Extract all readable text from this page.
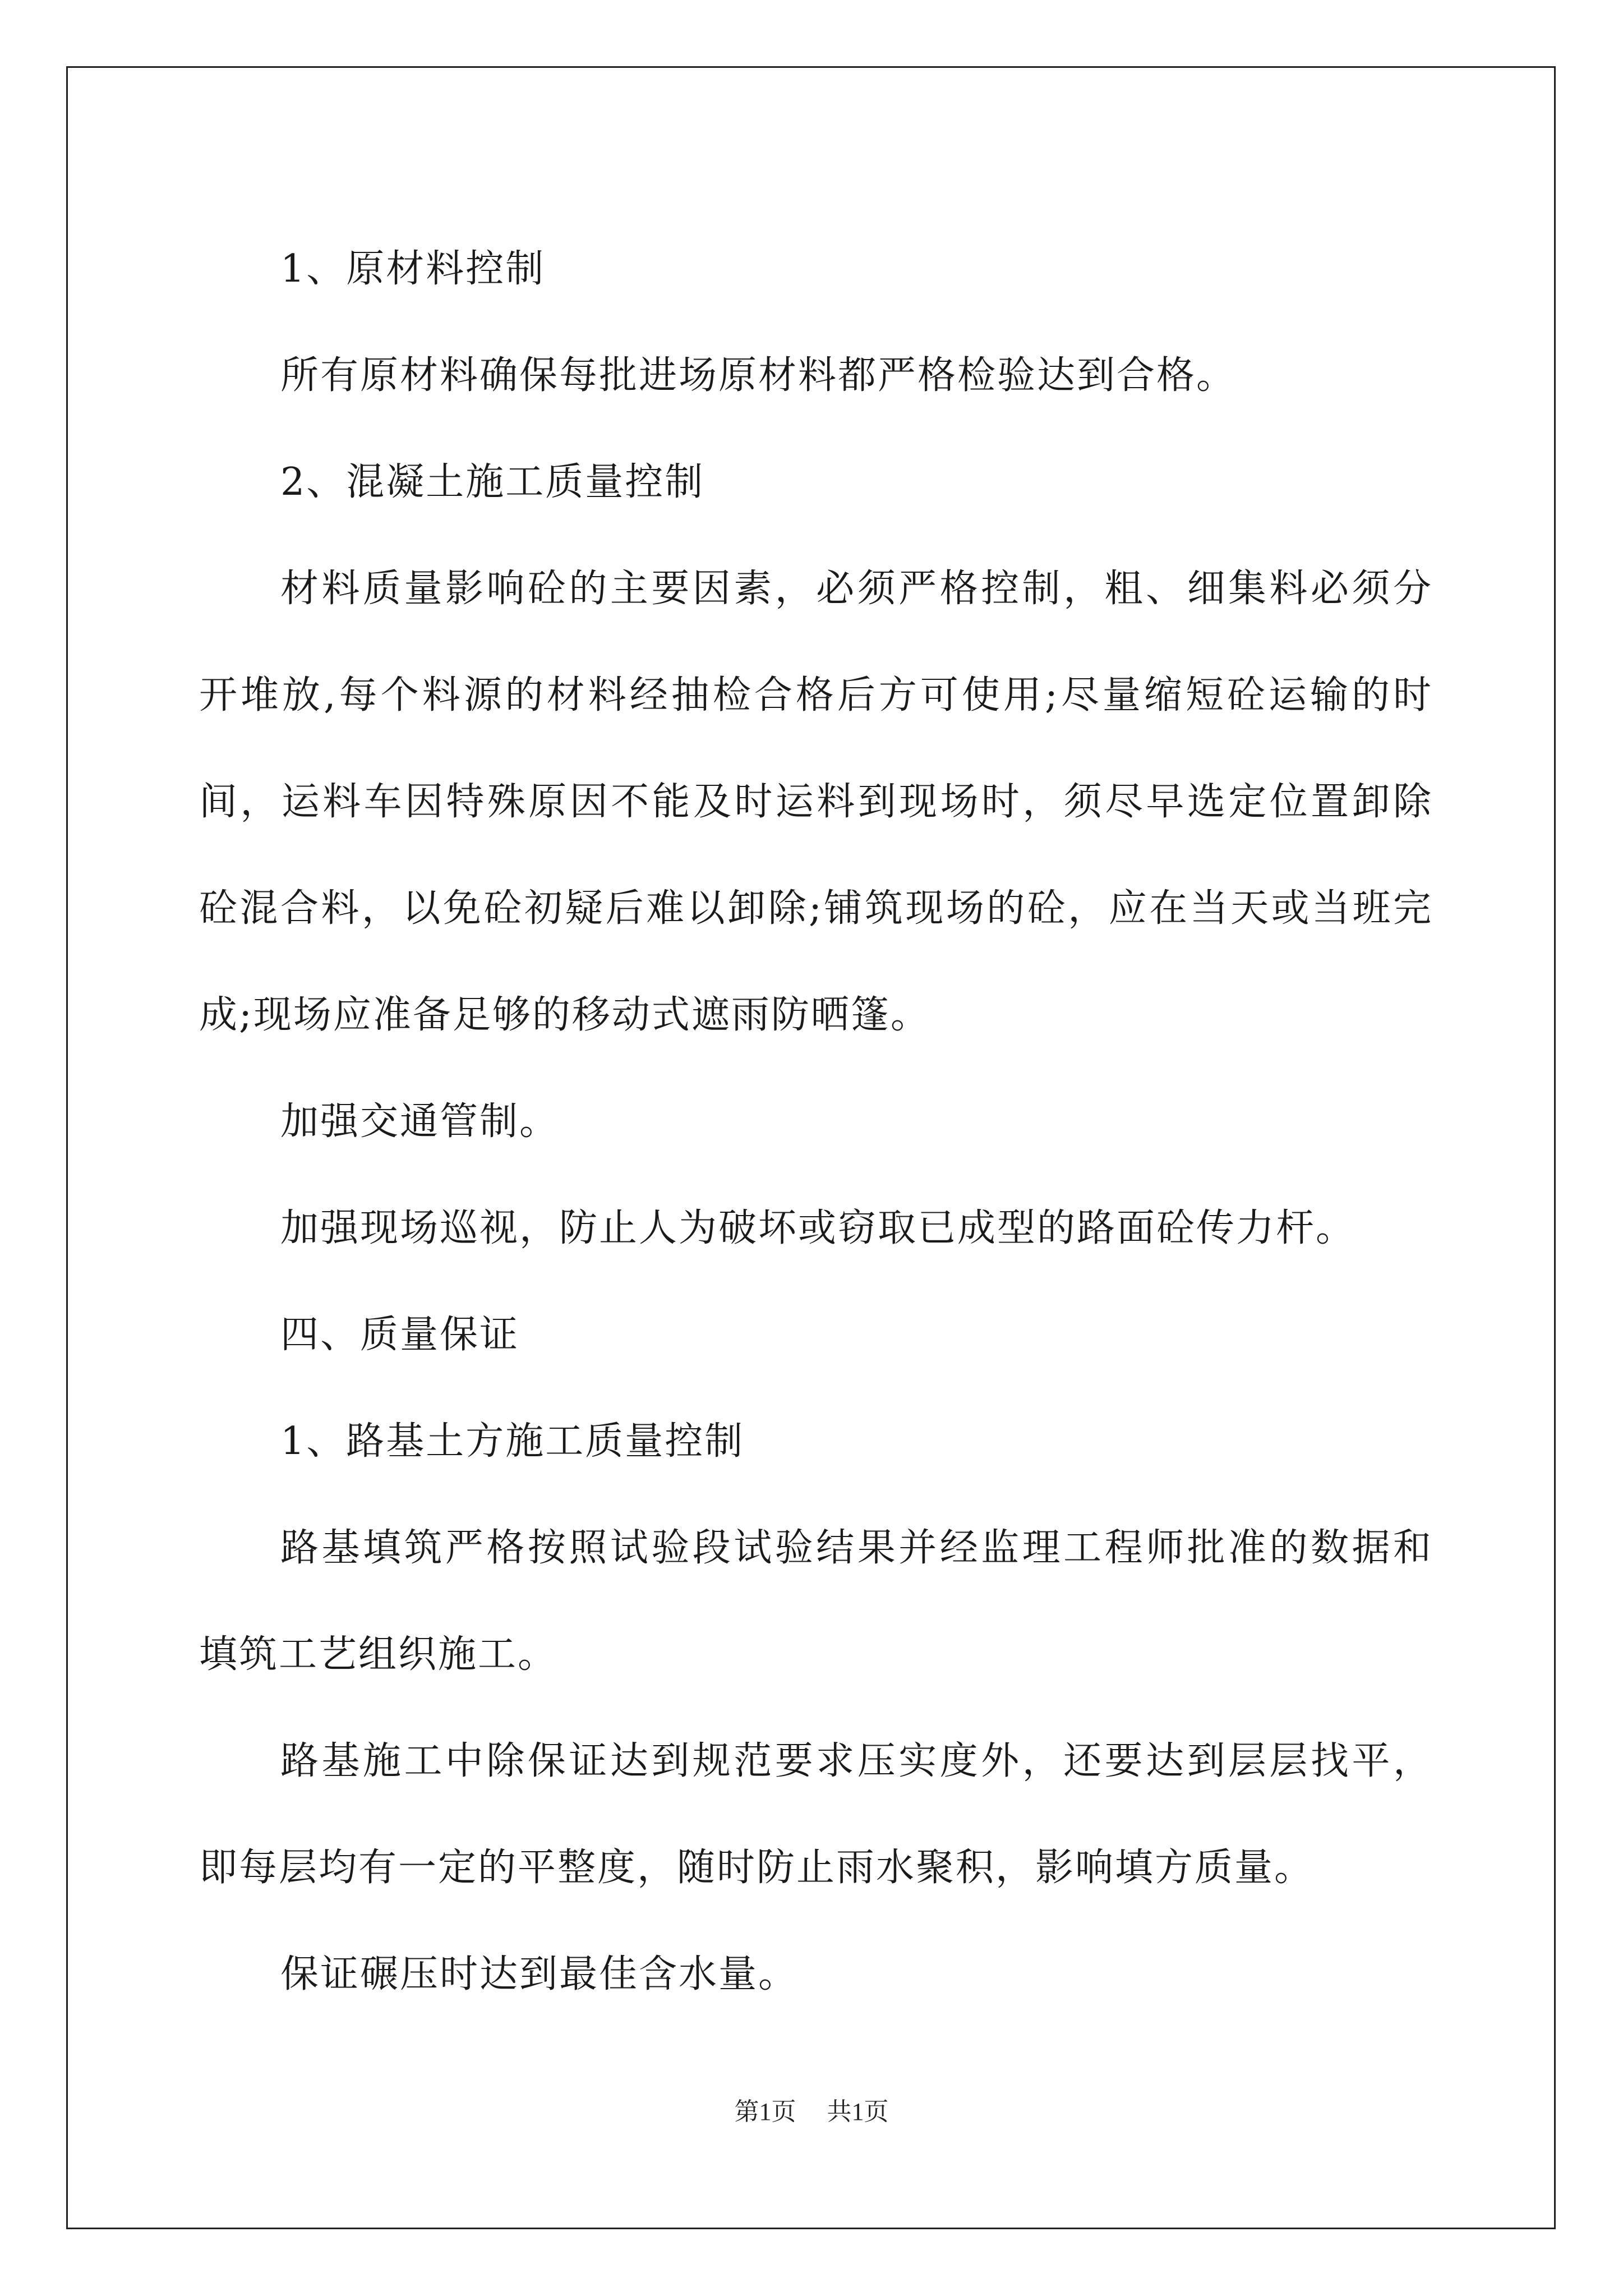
1、原材料控制

所有原材料确保每批进场原材料都严格检验达到合格。

2、混凝土施工质量控制

材料质量影响砼的主要因素，必须严格控制，粗、细集料必须分开堆放,每个料源的材料经抽检合格后方可使用;尽量缩短砼运输的时间，运料车因特殊原因不能及时运料到现场时，须尽早选定位置卸除砼混合料，以免砼初疑后难以卸除;铺筑现场的砼，应在当天或当班完成;现场应准备足够的移动式遮雨防晒篷。

加强交通管制。

加强现场巡视，防止人为破坏或窃取已成型的路面砼传力杆。

四、质量保证

1、路基土方施工质量控制

路基填筑严格按照试验段试验结果并经监理工程师批准的数据和填筑工艺组织施工。

路基施工中除保证达到规范要求压实度外，还要达到层层找平，即每层均有一定的平整度，随时防止雨水聚积，影响填方质量。

保证碾压时达到最佳含水量。

第1页 共1页
